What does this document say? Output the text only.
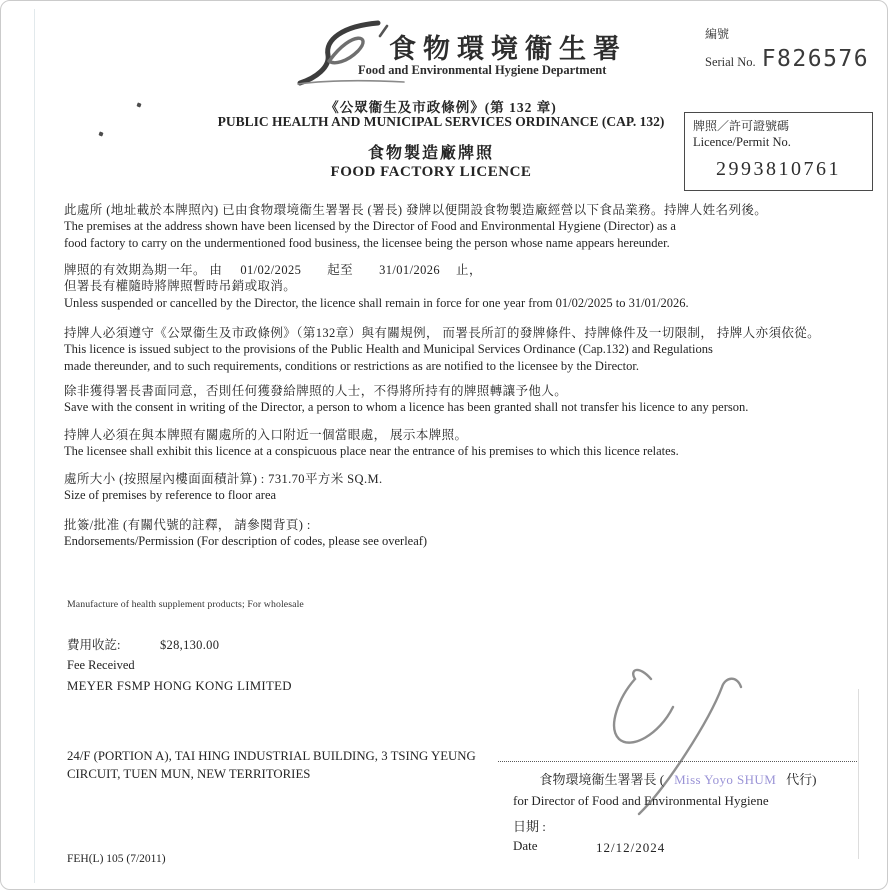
食物環境衞生署
Food and Environmental Hygiene Department
編號
Serial No. F826576
《公眾衞生及市政條例》(第 132 章)
PUBLIC HEALTH AND MUNICIPAL SERVICES ORDINANCE (CAP. 132)
食物製造廠牌照
FOOD FACTORY LICENCE
牌照／許可證號碼
Licence/Permit No.
2993810761
此處所 (地址載於本牌照內) 已由食物環境衞生署署長 (署長) 發牌以便開設食物製造廠經營以下食品業務。持牌人姓名列後。
The premises at the address shown have been licensed by the Director of Food and Environmental Hygiene (Director) as a
food factory to carry on the undermentioned food business, the licensee being the person whose name appears hereunder.
牌照的有效期為期一年。 由 01/02/2025 起至 31/01/2026 止，
但署長有權隨時將牌照暫時吊銷或取消。
Unless suspended or cancelled by the Director, the licence shall remain in force for one year from 01/02/2025 to 31/01/2026.
持牌人必須遵守《公眾衞生及市政條例》（第132章）與有關規例， 而署長所訂的發牌條件、持牌條件及一切限制， 持牌人亦須依從。
This licence is issued subject to the provisions of the Public Health and Municipal Services Ordinance (Cap.132) and Regulations
made thereunder, and to such requirements, conditions or restrictions as are notified to the licensee by the Director.
除非獲得署長書面同意，否則任何獲發給牌照的人士，不得將所持有的牌照轉讓予他人。
Save with the consent in writing of the Director, a person to whom a licence has been granted shall not transfer his licence to any person.
持牌人必須在與本牌照有關處所的入口附近一個當眼處， 展示本牌照。
The licensee shall exhibit this licence at a conspicuous place near the entrance of his premises to which this licence relates.
處所大小 (按照屋內樓面面積計算) : 731.70平方米 SQ.M.
Size of premises by reference to floor area
批簽/批准 (有關代號的註釋， 請參閱背頁) :
Endorsements/Permission (For description of codes, please see overleaf)
Manufacture of health supplement products; For wholesale
費用收訖:	$28,130.00
Fee Received
MEYER FSMP HONG KONG LIMITED
24/F (PORTION A), TAI HING INDUSTRIAL BUILDING, 3 TSING YEUNG
CIRCUIT, TUEN MUN, NEW TERRITORIES	食物環境衞生署署長 ( Miss Yoyo SHUM 代行)
for Director of Food and Environmental Hygiene
日期 :
Date	12/12/2024
FEH(L) 105 (7/2011)
